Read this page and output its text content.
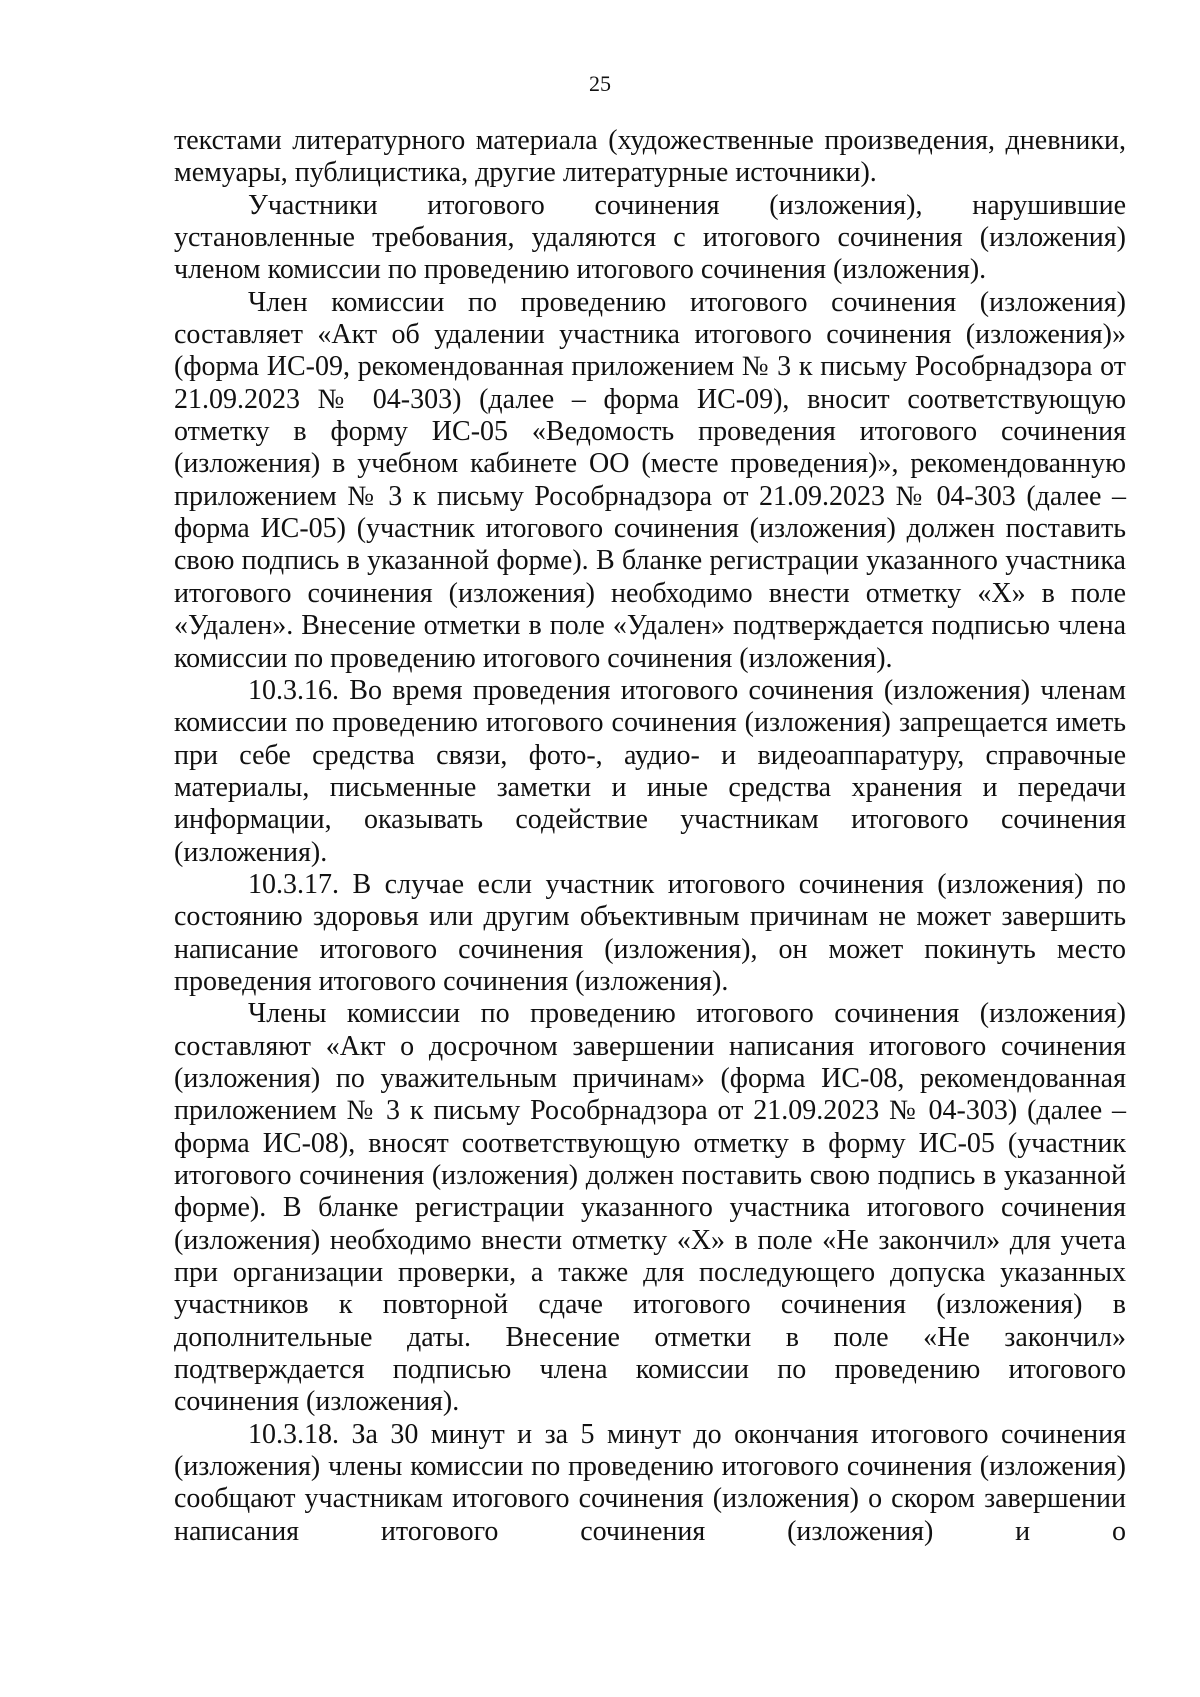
25

текстами литературного материала (художественные произведения, дневники, мемуары, публицистика, другие литературные источники).

Участники итогового сочинения (изложения), нарушившие установленные требования, удаляются с итогового сочинения (изложения) членом комиссии по проведению итогового сочинения (изложения).

Член комиссии по проведению итогового сочинения (изложения) составляет «Акт об удалении участника итогового сочинения (изложения)» (форма ИС-09, рекомендованная приложением № 3 к письму Рособрнадзора от 21.09.2023 № 04-303) (далее – форма ИС-09), вносит соответствующую отметку в форму ИС-05 «Ведомость проведения итогового сочинения (изложения) в учебном кабинете ОО (месте проведения)», рекомендованную приложением № 3 к письму Рособрнадзора от 21.09.2023 № 04-303 (далее – форма ИС-05) (участник итогового сочинения (изложения) должен поставить свою подпись в указанной форме). В бланке регистрации указанного участника итогового сочинения (изложения) необходимо внести отметку «Х» в поле «Удален». Внесение отметки в поле «Удален» подтверждается подписью члена комиссии по проведению итогового сочинения (изложения).

10.3.16. Во время проведения итогового сочинения (изложения) членам комиссии по проведению итогового сочинения (изложения) запрещается иметь при себе средства связи, фото-, аудио- и видеоаппаратуру, справочные материалы, письменные заметки и иные средства хранения и передачи информации, оказывать содействие участникам итогового сочинения (изложения).

10.3.17. В случае если участник итогового сочинения (изложения) по состоянию здоровья или другим объективным причинам не может завершить написание итогового сочинения (изложения), он может покинуть место проведения итогового сочинения (изложения).

Члены комиссии по проведению итогового сочинения (изложения) составляют «Акт о досрочном завершении написания итогового сочинения (изложения) по уважительным причинам» (форма ИС-08, рекомендованная приложением № 3 к письму Рособрнадзора от 21.09.2023 № 04-303) (далее – форма ИС-08), вносят соответствующую отметку в форму ИС-05 (участник итогового сочинения (изложения) должен поставить свою подпись в указанной форме). В бланке регистрации указанного участника итогового сочинения (изложения) необходимо внести отметку «Х» в поле «Не закончил» для учета при организации проверки, а также для последующего допуска указанных участников к повторной сдаче итогового сочинения (изложения) в дополнительные даты. Внесение отметки в поле «Не закончил» подтверждается подписью члена комиссии по проведению итогового сочинения (изложения).

10.3.18. За 30 минут и за 5 минут до окончания итогового сочинения (изложения) члены комиссии по проведению итогового сочинения (изложения) сообщают участникам итогового сочинения (изложения) о скором завершении написания итогового сочинения (изложения) и о
